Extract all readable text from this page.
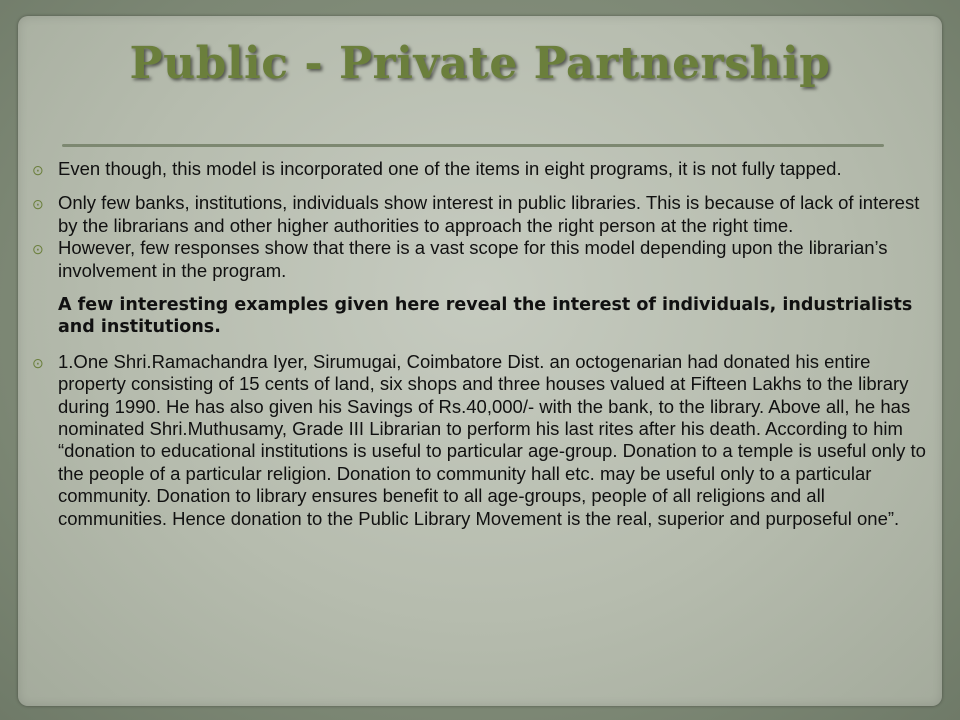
Public - Private Partnership

⊙ Even though, this model is incorporated one of the items in eight programs, it is not fully tapped.

⊙ Only few banks, institutions, individuals show interest in public libraries. This is because of lack of interest by the librarians and other higher authorities to approach the right person at the right time.

⊙ However, few responses show that there is a vast scope for this model depending upon the librarian’s involvement in the program.

A few interesting examples given here reveal the interest of individuals, industrialists and institutions.

⊙ 1.One Shri.Ramachandra Iyer, Sirumugai, Coimbatore Dist. an octogenarian had donated his entire property consisting of 15 cents of land, six shops and three houses valued at Fifteen Lakhs to the library during 1990. He has also given his Savings of Rs.40,000/- with the bank, to the library. Above all, he has nominated Shri.Muthusamy, Grade III Librarian to perform his last rites after his death. According to him “donation to educational institutions is useful to particular age-group. Donation to a temple is useful only to the people of a particular religion. Donation to community hall etc. may be useful only to a particular community. Donation to library ensures benefit to all age-groups, people of all religions and all communities. Hence donation to the Public Library Movement is the real, superior and purposeful one”.
